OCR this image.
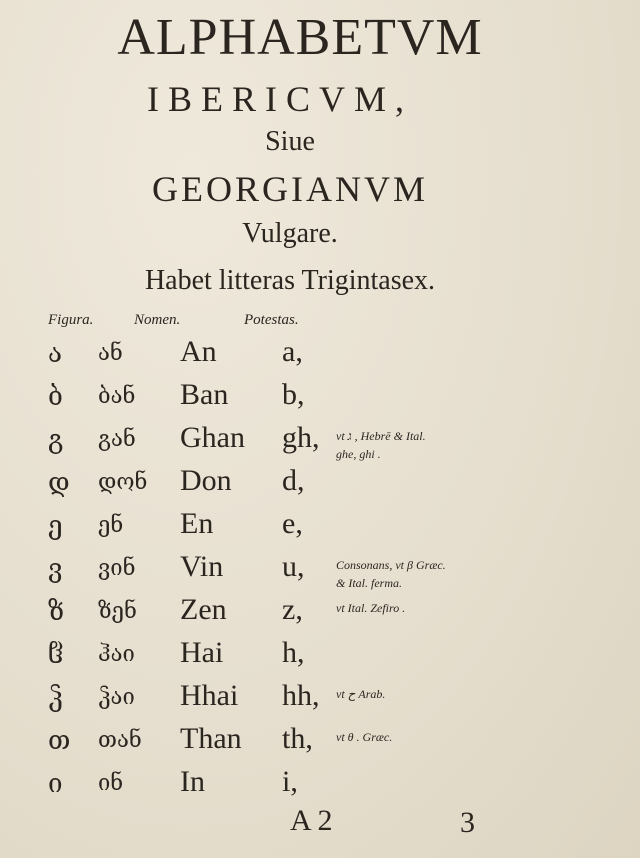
ALPHABETVM
IBERICVM,
Siue
GEORGIANVM
Vulgare.
Habet litteras Trigintasex.
Figura.	Nomen.	Potestas.
ა ან An a,
ბ ბან Ban b,
გ გან Ghan gh, vt ג , Hebrē & Ital.
ghe, ghi .
დ დონ Don d,
ე ენ En e,
ვ ვინ Vin u,	Consonans, vt β Græc.
& Ital. ferma.
ზ ზენ Zen z,	vt Ital. Zefiro .
ჱ ჰაი Hai h,
ჴ ჴაი Hhai hh, vt ح Arab.
თ თან Than th, vt θ . Græc.
ი ინ In	i,
A 2	3
